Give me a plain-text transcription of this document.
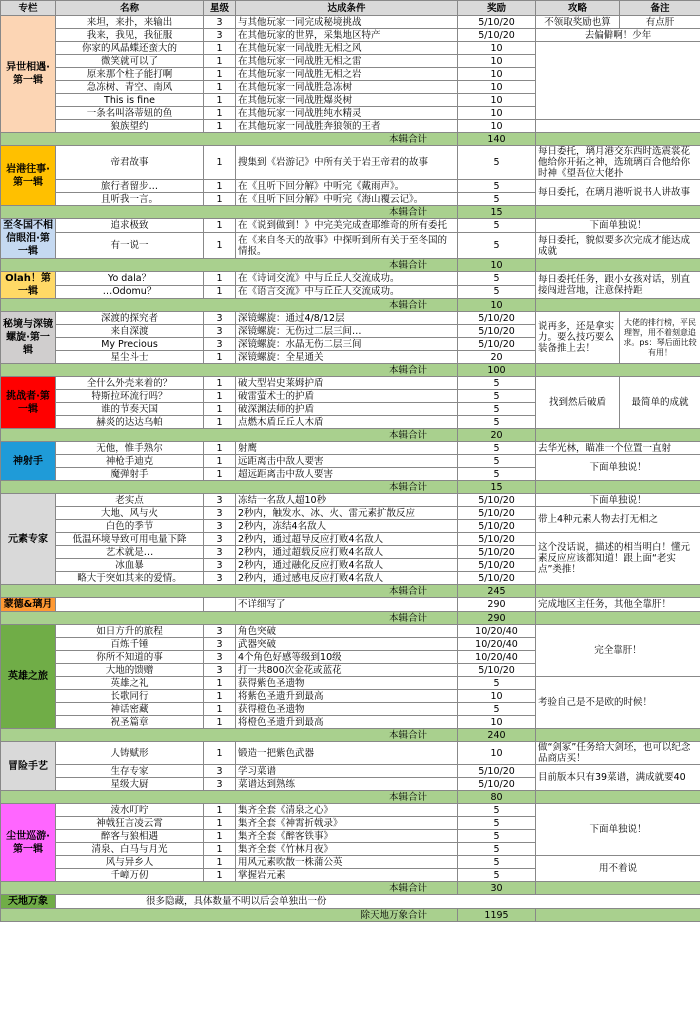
专栏	名称	星级	达成条件	奖励	攻略	备注
异世相遇·第一辑	来坦，来扑，来输出	3	与其他玩家一同完成秘境挑战	5/10/20	不领取奖励也算	有点肝
	我来，我见，我征服	3	在其他玩家的世界，采集地区特产	5/10/20	去偏僻啊！少年	
	你家的风晶蝶还蛮大的	1	在其他玩家一同战胜无相之风	10		
	微笑就可以了	1	在其他玩家一同战胜无相之雷	10		
	原来那个柱子能打啊	1	在其他玩家一同战胜无相之岩	10		
	急冻树、青空、南风	1	在其他玩家一同战胜急冻树	10		
	This is fine	1	在其他玩家一同战胜爆炎树	10		
	一条名叫洛蒂妞的鱼	1	在其他玩家一同战胜纯水精灵	10		
	狼族望约	1	在其他玩家一同战胜奔狼领的王者	10		
本辑合计				140		
岩港往事·第一辑	帝君故事	1	搜集到《岩游记》中所有关于岩王帝君的故事	5	每日委托，璃月港交东西时选震裳花他给你开拓之神，选琉璃百合他给你时神《望吾位大佬扑	
	旅行者留步…	1	在《且听下回分解》中听完《戴雨声》。	5	每日委托，在璃月港听说书人讲故事	
	且听我一言。	1	在《且听下回分解》中听完《海山覆云记》。	5		
本辑合计				15		
至冬国不相信眼泪·第一辑	追求极致	1	在《说到做到！》中完美完成查耶维奇的所有委托	5	下面单独说！	
	有一说一	1	在《来自冬天的故事》中探听到所有关于至冬国的情报。	5	每日委托，貌似要多次完成才能达成成就	
本辑合计				10		
Olah！第一辑	Yo dala？	1	在《诗词交流》中与丘丘人交流成功。	5	每日委托任务，跟小女孩对话，别直接闯进营地，注意保持距	
	…Odomu？	1	在《语言交流》中与丘丘人交流成功。	5		
本辑合计				10		
秘境与深镜螺旋·第一辑	深渡的探究者	3	深镜螺旋：通过4/8/12层	5/10/20	说再多，还是拿实力。要么技巧要么装备推上去！	大佬的排行榜，平民理智，用不着刻意追求。ps：琴后面比较有用！
	来自深渡	3	深镜螺旋：无伤过二层三间…	5/10/20		
	My Precious	3	深镜螺旋：水晶无伤二层三间	5/10/20		
	星尘斗士	1	深镜螺旋：全星通关	20		
本辑合计				100		
挑战者·第一辑	全什么外壳来着的？	1	破大型岩史莱姆护盾	5	找到然后破盾	最简单的成就
	特斯拉环流行吗？	1	破雷萤术士的护盾	5		
	谁的节奏天国	1	破深渊法师的护盾	5		
	赫炎的达达乌帕	1	点燃木盾丘丘人木盾	5		
本辑合计				20		
神射手	无他，惟手熟尔	1	射鹰	5	去华光林，瞄准一个位置一直射	
	神枪手迪克	1	远距离击中敌人要害	5	下面单独说！	
	魔弹射手	1	超远距离击中敌人要害	5		
本辑合计				15		
元素专家	老实点	3	冻结一名敌人超10秒	5/10/20	下面单独说！	
	大地、风与火	3	2秒内，触发水、冰、火、雷元素扩散反应	5/10/20	带上4种元素人物去打无相之	
	白色的季节	3	2秒内，冻结4名敌人	5/10/20		
	低温环境导致可用电量下降	3	2秒内，通过超导反应打败4名敌人	5/10/20	这个没话说，描述的相当明白！懂元素反应应该都知道！跟上面“老实点”类推！	
	艺术就是…	3	2秒内，通过超载反应打败4名敌人	5/10/20		
	冰血暴	3	2秒内，通过融化反应打败4名敌人	5/10/20		
	略大于突如其来的爱情。	3	2秒内，通过感电反应打败4名敌人	5/10/20		
本辑合计				245		
蒙德&璃月			不详细写了	290	完成地区主任务，其他全靠肝！	
本辑合计				290		
英雄之旅	如日方升的旅程	3	角色突破	10/20/40	完全靠肝！	
	百炼千锤	3	武器突破	10/20/40		
	你所不知道的事	3	4个角色好感等级到10级	10/20/40		
	大地的馈赠	3	打一共800次金花或蓝花	5/10/20		
	英雄之礼	1	获得紫色圣遗物	5	考验自己是不是欧的时候！	
	长歌同行	1	将紫色圣遗升到最高	10		
	神话密藏	1	获得橙色圣遗物	5		
	祝圣篇章	1	将橙色圣遗升到最高	10		
本辑合计				240		
冒险手艺	人铸赋形	1	锻造一把紫色武器	10	做“剑冢”任务给大剑坯，也可以纪念品商店买！	
	生存专家	3	学习菜谱	5/10/20	目前版本只有39菜谱，满成就要40	
	星级大厨	3	菜谱达到熟练	5/10/20		
本辑合计				80		
尘世巡游·第一辑	淩水叮咛	1	集齐全套《清泉之心》	5	下面单独说！	
	神戟狂言凌云霄	1	集齐全套《神霄折戟录》	5		
	醉客与狼相遇	1	集齐全套《醉客铁事》	5		
	清泉、白马与月光	1	集齐全套《竹林月夜》	5		
	风与异乡人	1	用风元素吹散一株蒲公英	5	用不着说	
	千嶂万仞	1	掌握岩元素	5		
本辑合计				30		
天地万象	很多隐藏，具体数量不明以后会单独出一份					
除天地万象合计				1195		
